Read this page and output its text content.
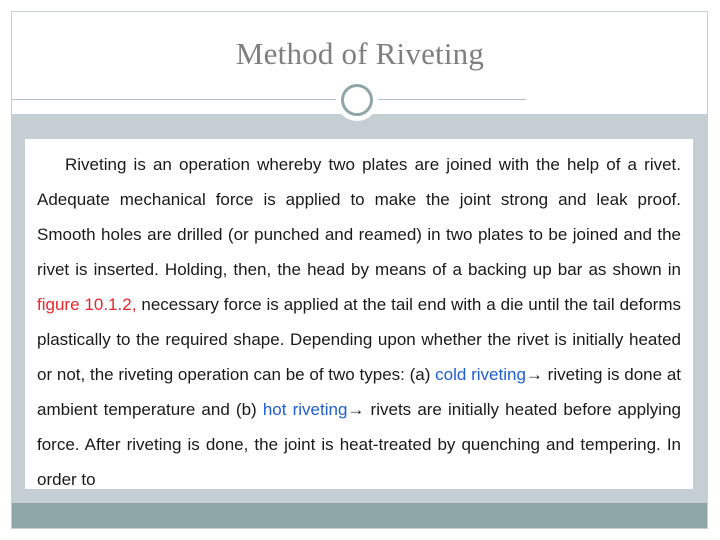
Method of Riveting

Riveting is an operation whereby two plates are joined with the help of a rivet. Adequate mechanical force is applied to make the joint strong and leak proof. Smooth holes are drilled (or punched and reamed) in two plates to be joined and the rivet is inserted. Holding, then, the head by means of a backing up bar as shown in figure 10.1.2, necessary force is applied at the tail end with a die until the tail deforms plastically to the required shape. Depending upon whether the rivet is initially heated or not, the riveting operation can be of two types: (a) cold riveting→ riveting is done at ambient temperature and (b) hot riveting→ rivets are initially heated before applying force. After riveting is done, the joint is heat-treated by quenching and tempering. In order to
